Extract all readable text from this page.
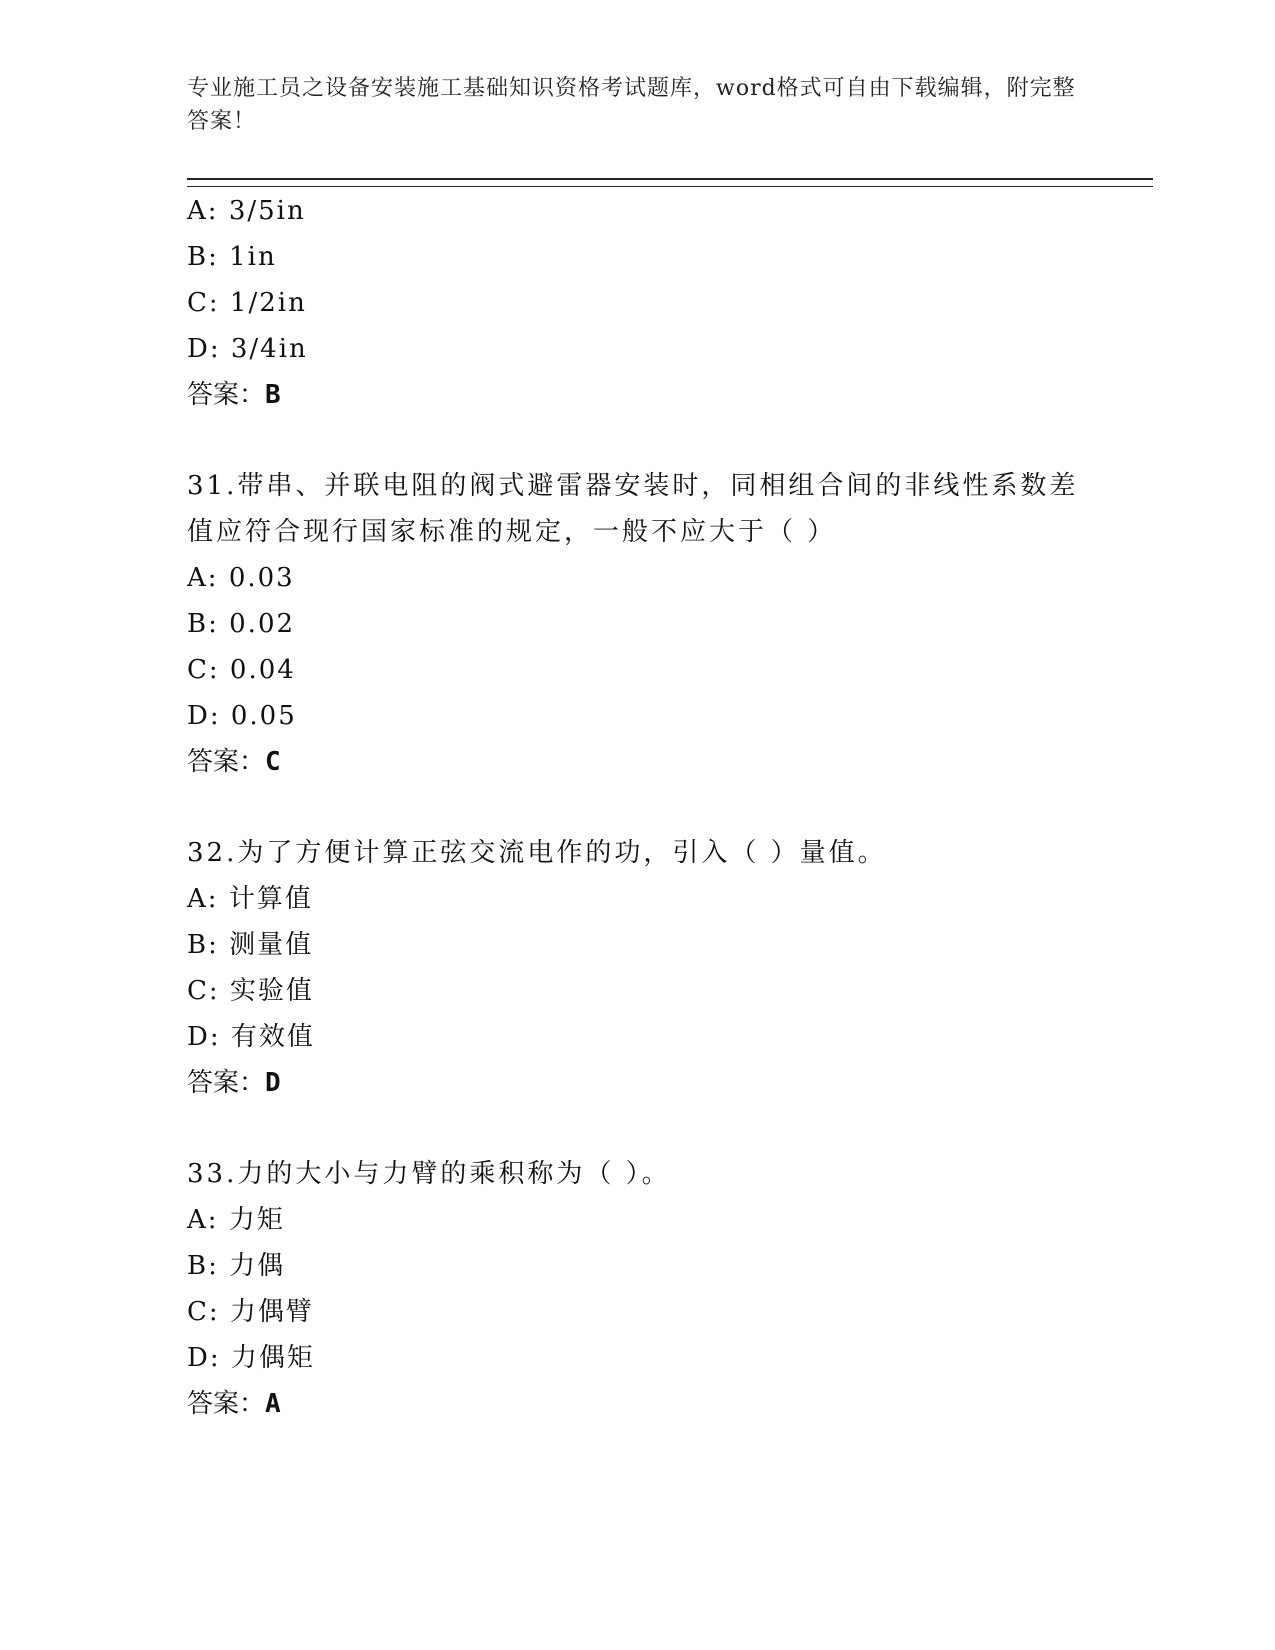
专业施工员之设备安装施工基础知识资格考试题库，word格式可自由下载编辑，附完整答案！
A: 3/5in
B: 1in
C: 1/2in
D: 3/4in
答案：B
31.带串、并联电阻的阀式避雷器安装时，同相组合间的非线性系数差值应符合现行国家标准的规定，一般不应大于（ ）
A: 0.03
B: 0.02
C: 0.04
D: 0.05
答案：C
32.为了方便计算正弦交流电作的功，引入（ ）量值。
A: 计算值
B: 测量值
C: 实验值
D: 有效值
答案：D
33.力的大小与力臂的乘积称为（ ）。
A: 力矩
B: 力偶
C: 力偶臂
D: 力偶矩
答案：A
